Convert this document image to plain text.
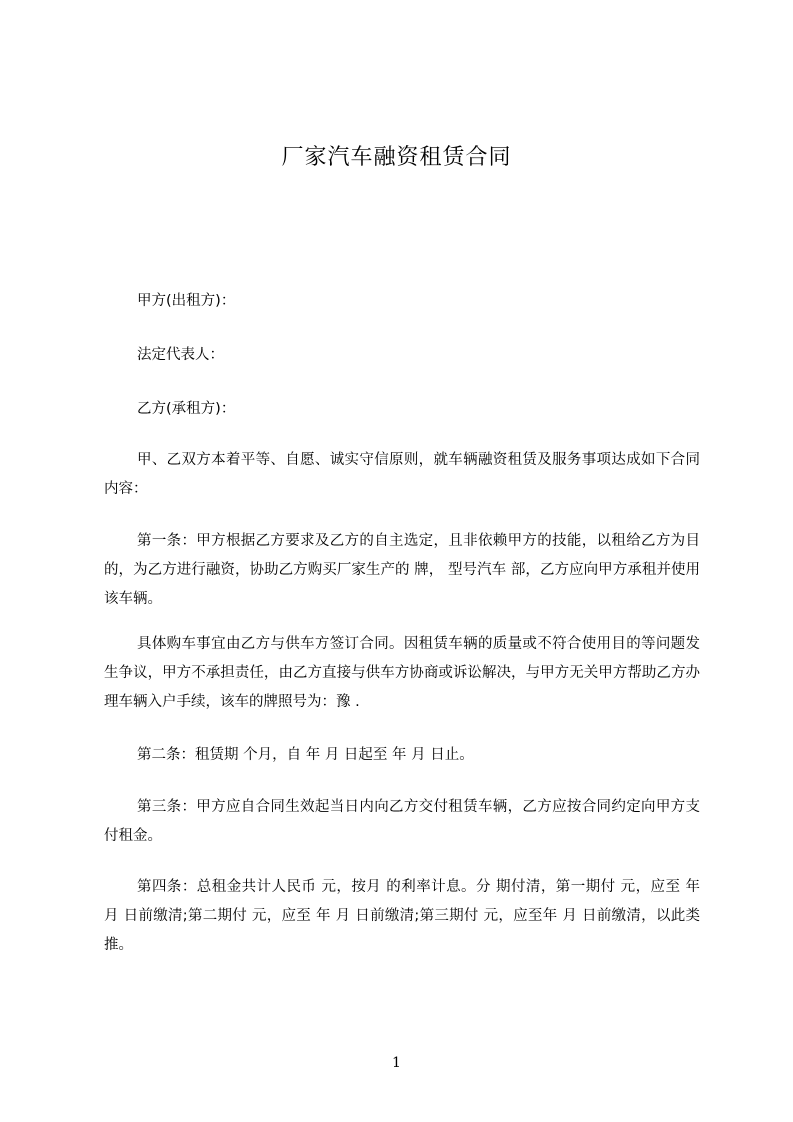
厂家汽车融资租赁合同
甲方(出租方)：
法定代表人：
乙方(承租方)：
甲、乙双方本着平等、自愿、诚实守信原则，就车辆融资租赁及服务事项达成如下合同内容：
第一条：甲方根据乙方要求及乙方的自主选定，且非依赖甲方的技能，以租给乙方为目的，为乙方进行融资，协助乙方购买厂家生产的 牌， 型号汽车 部，乙方应向甲方承租并使用该车辆。
具体购车事宜由乙方与供车方签订合同。因租赁车辆的质量或不符合使用目的等问题发生争议，甲方不承担责任，由乙方直接与供车方协商或诉讼解决，与甲方无关甲方帮助乙方办理车辆入户手续，该车的牌照号为：豫 .
第二条：租赁期 个月，自 年 月 日起至 年 月 日止。
第三条：甲方应自合同生效起当日内向乙方交付租赁车辆，乙方应按合同约定向甲方支付租金。
第四条：总租金共计人民币 元，按月 的利率计息。分 期付清，第一期付 元，应至 年 月 日前缴清;第二期付 元，应至 年 月 日前缴清;第三期付 元，应至年 月 日前缴清，以此类推。
1
